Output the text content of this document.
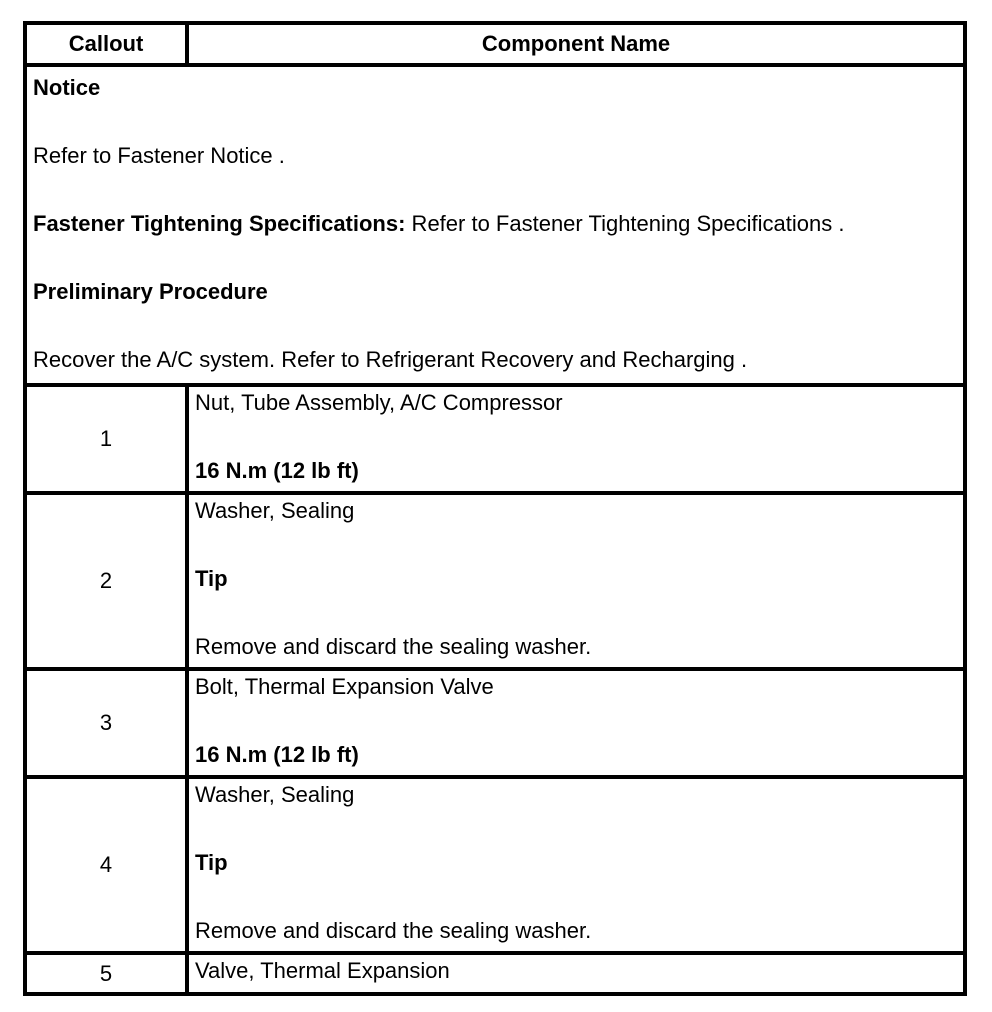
Callout	Component Name

Notice

Refer to Fastener Notice .

Fastener Tightening Specifications: Refer to Fastener Tightening Specifications .

Preliminary Procedure

Recover the A/C system. Refer to Refrigerant Recovery and Recharging .	

1	Nut, Tube Assembly, A/C Compressor

16 N.m (12 lb ft)

2	Washer, Sealing

Tip

Remove and discard the sealing washer.

3	Bolt, Thermal Expansion Valve

16 N.m (12 lb ft)

4	Washer, Sealing

Tip

Remove and discard the sealing washer.

5	Valve, Thermal Expansion
